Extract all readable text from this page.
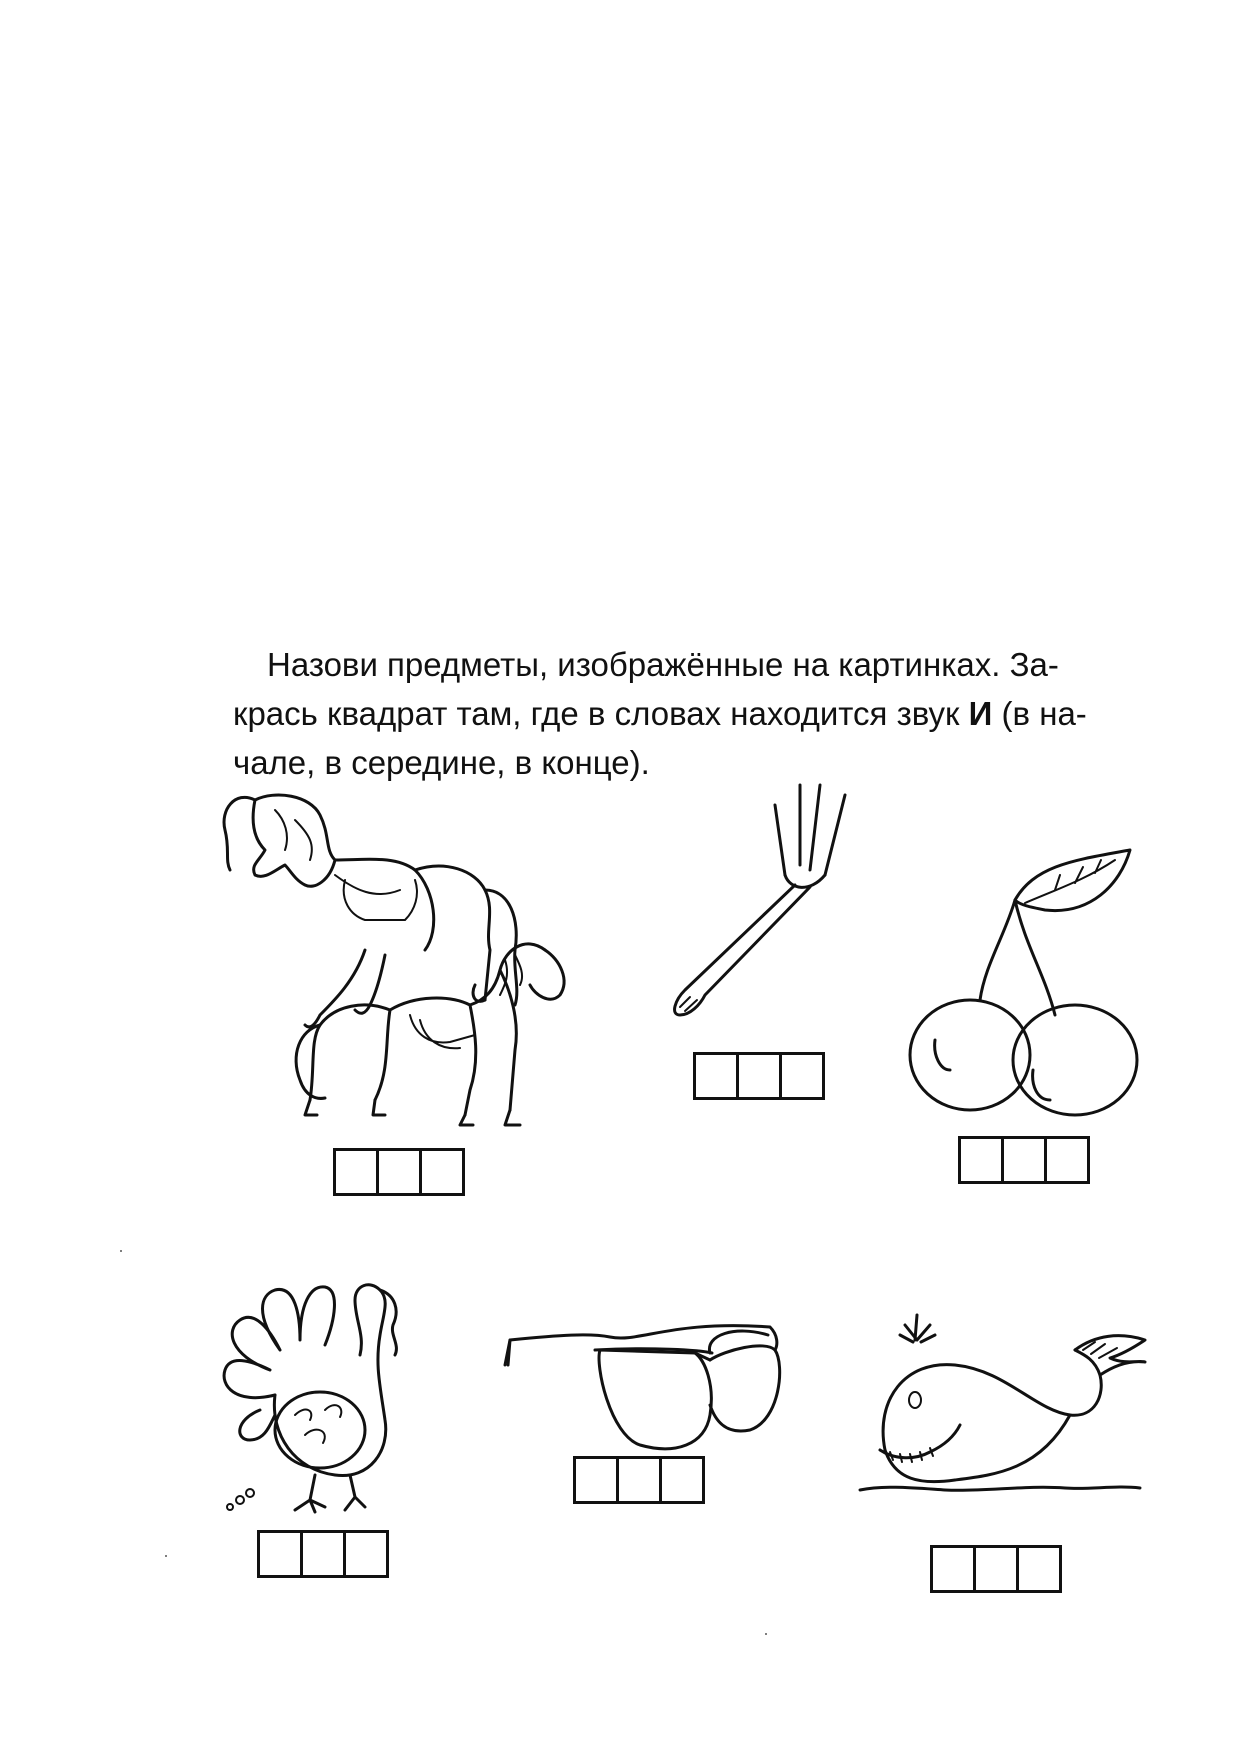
Назови предметы, изображённые на картинках. За-
крась квадрат там, где в словах находится звук И (в на-
чале, в середине, в конце).
